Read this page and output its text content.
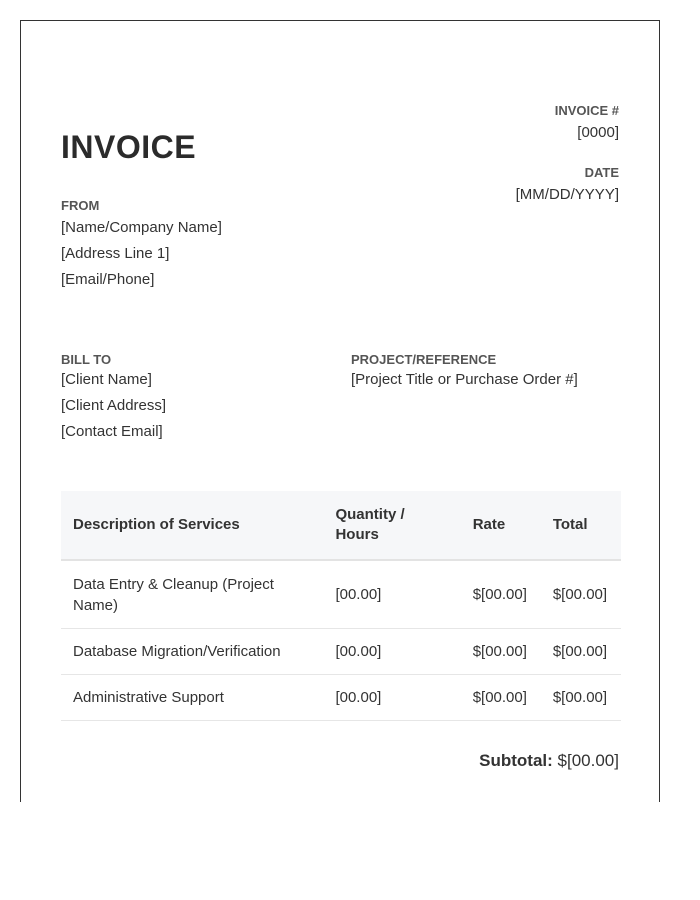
INVOICE
INVOICE #
[0000]
DATE
[MM/DD/YYYY]
FROM
[Name/Company Name]
[Address Line 1]
[Email/Phone]
BILL TO
[Client Name]
[Client Address]
[Contact Email]
PROJECT/REFERENCE
[Project Title or Purchase Order #]
Description of Services	Quantity / Hours	Rate	Total
Data Entry & Cleanup (Project Name)	[00.00]	$[00.00]	$[00.00]
Database Migration/Verification	[00.00]	$[00.00]	$[00.00]
Administrative Support	[00.00]	$[00.00]	$[00.00]
Subtotal: $[00.00]
